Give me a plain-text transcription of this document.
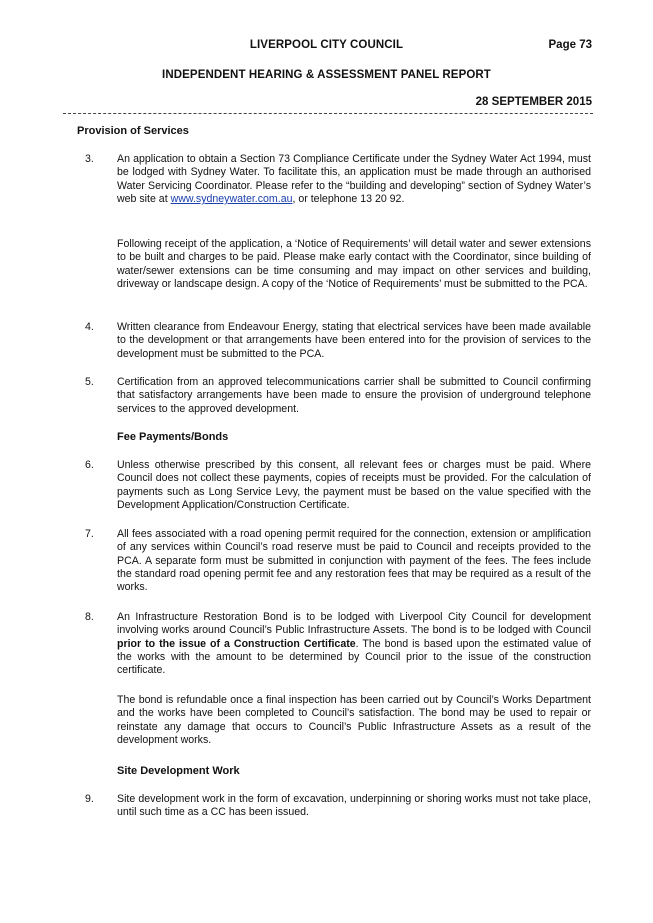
LIVERPOOL CITY COUNCIL	Page 73
INDEPENDENT HEARING & ASSESSMENT PANEL REPORT
28 SEPTEMBER 2015
Provision of Services
3. An application to obtain a Section 73 Compliance Certificate under the Sydney Water Act 1994, must be lodged with Sydney Water. To facilitate this, an application must be made through an authorised Water Servicing Coordinator. Please refer to the “building and developing” section of Sydney Water’s web site at www.sydneywater.com.au, or telephone 13 20 92.

Following receipt of the application, a ‘Notice of Requirements’ will detail water and sewer extensions to be built and charges to be paid. Please make early contact with the Coordinator, since building of water/sewer extensions can be time consuming and may impact on other services and building, driveway or landscape design. A copy of the ‘Notice of Requirements’ must be submitted to the PCA.

4. Written clearance from Endeavour Energy, stating that electrical services have been made available to the development or that arrangements have been entered into for the provision of services to the development must be submitted to the PCA.

5. Certification from an approved telecommunications carrier shall be submitted to Council confirming that satisfactory arrangements have been made to ensure the provision of underground telephone services to the approved development.

Fee Payments/Bonds
6. Unless otherwise prescribed by this consent, all relevant fees or charges must be paid. Where Council does not collect these payments, copies of receipts must be provided. For the calculation of payments such as Long Service Levy, the payment must be based on the value specified with the Development Application/Construction Certificate.

7. All fees associated with a road opening permit required for the connection, extension or amplification of any services within Council’s road reserve must be paid to Council and receipts provided to the PCA. A separate form must be submitted in conjunction with payment of the fees. The fees include the standard road opening permit fee and any restoration fees that may be required as a result of the works.

8. An Infrastructure Restoration Bond is to be lodged with Liverpool City Council for development involving works around Council’s Public Infrastructure Assets. The bond is to be lodged with Council prior to the issue of a Construction Certificate. The bond is based upon the estimated value of the works with the amount to be determined by Council prior to the issue of the construction certificate.

The bond is refundable once a final inspection has been carried out by Council’s Works Department and the works have been completed to Council’s satisfaction. The bond may be used to repair or reinstate any damage that occurs to Council’s Public Infrastructure Assets as a result of the development works.

Site Development Work
9. Site development work in the form of excavation, underpinning or shoring works must not take place, until such time as a CC has been issued.
